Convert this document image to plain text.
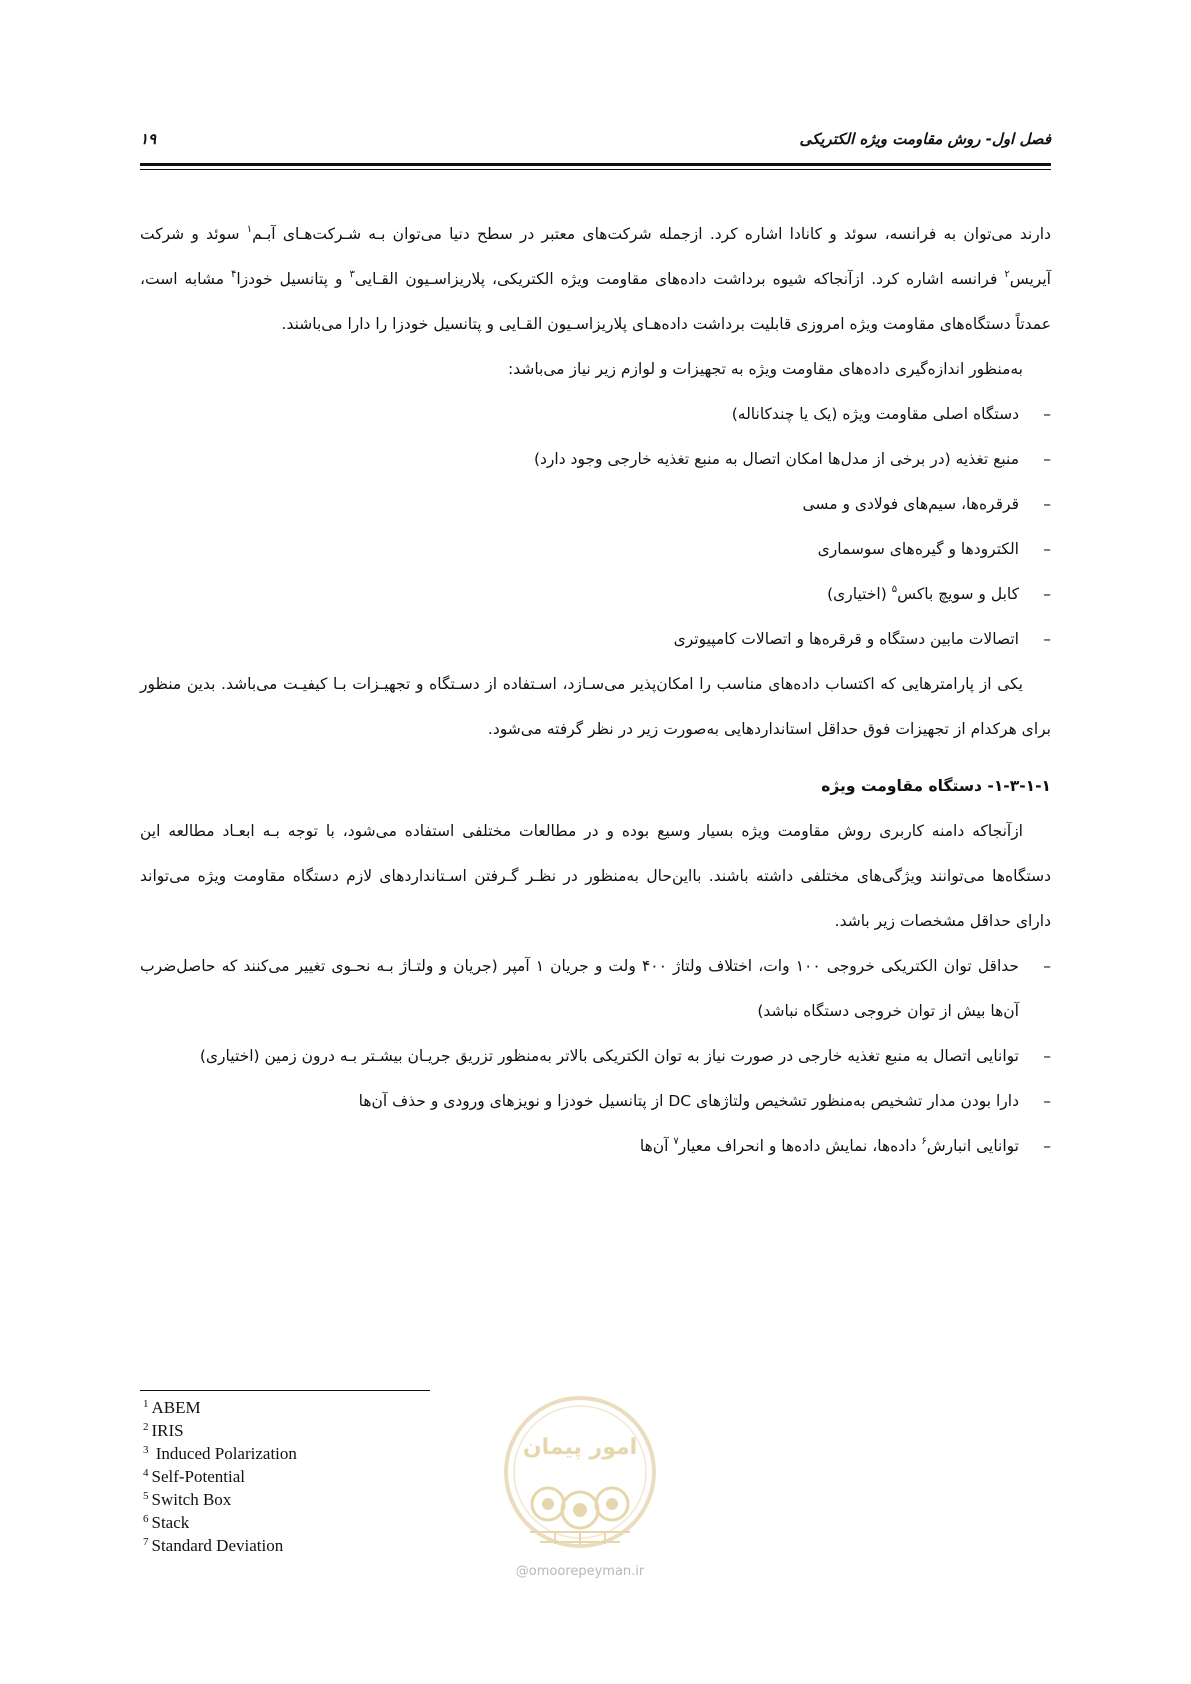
فصل اول- روش مقاومت ویژه الکتریکی
۱۹

دارند می‌توان به فرانسه، سوئد و کانادا اشاره کرد. ازجمله شرکت‌های معتبر در سطح دنیا می‌توان بـه شـرکت‌هـای آبـم$^۱$ سوئد و شرکت آیریس$^۲$ فرانسه اشاره کرد. ازآنجاکه شیوه برداشت داده‌های مقاومت ویژه الکتریکی، پلاریزاسـیون القـایی$^۳$ و پتانسیل خودزا$^۴$ مشابه است، عمدتاً دستگاه‌های مقاومت ویژه امروزی قابلیت برداشت داده‌هـای پلاریزاسـیون القـایی و پتانسیل خودزا را دارا می‌باشند.

به‌منظور اندازه‌گیری داده‌های مقاومت ویژه به تجهیزات و لوازم زیر نیاز می‌باشد:

– دستگاه اصلی مقاومت ویژه (یک یا چندکاناله)
– منبع تغذیه (در برخی از مدل‌ها امکان اتصال به منبع تغذیه خارجی وجود دارد)
– قرقره‌ها، سیم‌های فولادی و مسی
– الکترودها و گیره‌های سوسماری
– کابل و سویچ باکس$^۵$ (اختیاری)
– اتصالات مابین دستگاه و قرقره‌ها و اتصالات کامپیوتری

یکی از پارامترهایی که اکتساب داده‌های مناسب را امکان‌پذیر می‌سـازد، اسـتفاده از دسـتگاه و تجهیـزات بـا کیفیـت می‌باشد. بدین منظور برای هرکدام از تجهیزات فوق حداقل استانداردهایی به‌صورت زیر در نظر گرفته می‌شود.

۱-۳-۱-۱- دستگاه مقاومت ویژه

ازآنجاکه دامنه کاربری روش مقاومت ویژه بسیار وسیع بوده و در مطالعات مختلفی استفاده می‌شود، با توجه بـه ابعـاد مطالعه این دستگاه‌ها می‌توانند ویژگی‌های مختلفی داشته باشند. بااین‌حال به‌منظور در نظـر گـرفتن اسـتانداردهای لازم دستگاه مقاومت ویژه می‌تواند دارای حداقل مشخصات زیر باشد.

– حداقل توان الکتریکی خروجی ۱۰۰ وات، اختلاف ولتاژ ۴۰۰ ولت و جریان ۱ آمپر (جریان و ولتـاژ بـه نحـوی تغییر می‌کنند که حاصل‌ضرب آن‌ها بیش از توان خروجی دستگاه نباشد)
– توانایی اتصال به منبع تغذیه خارجی در صورت نیاز به توان الکتریکی بالاتر به‌منظور تزریق جریـان بیشـتر بـه درون زمین (اختیاری)
– دارا بودن مدار تشخیص به‌منظور تشخیص ولتاژهای DC از پتانسیل خودزا و نویزهای ورودی و حذف آن‌ها
– توانایی انبارش$^۶$ داده‌ها، نمایش داده‌ها و انحراف معیار$^۷$ آن‌ها
$^1$ ABEM
$^2$ IRIS
$^3$ Induced Polarization
$^4$ Self-Potential
$^5$ Switch Box
$^6$ Stack
$^7$ Standard Deviation
امور پیمان
@omoorepeyman.ir
